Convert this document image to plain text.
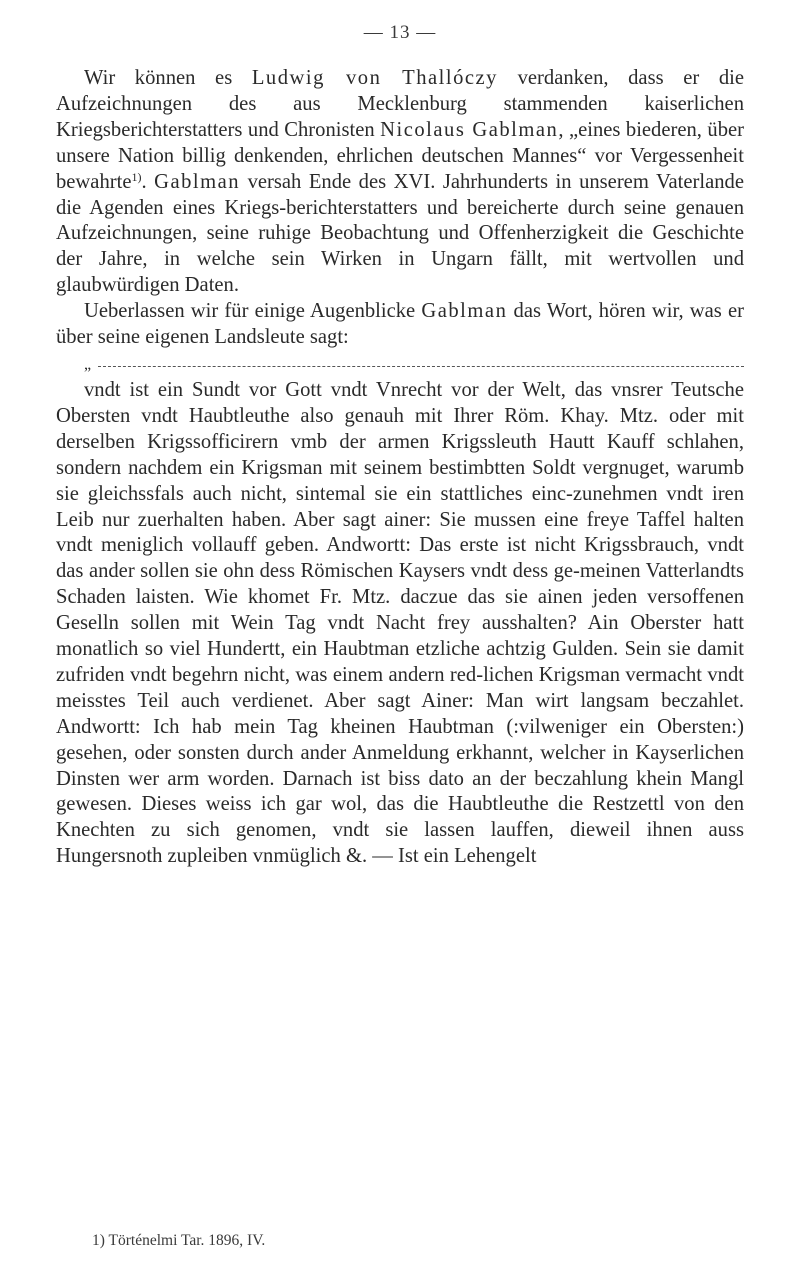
— 13 —

Wir können es Ludwig von Thallóczy verdanken, dass er die Aufzeichnungen des aus Mecklenburg stammenden kaiserlichen Kriegsberichterstatters und Chronisten Nicolaus Gablman, „eines biederen, über unsere Nation billig denkenden, ehrlichen deutschen Mannes“ vor Vergessenheit bewahrte$^{1)}$. Gablman versah Ende des XVI. Jahrhunderts in unserem Vaterlande die Agenden eines Kriegs-berichterstatters und bereicherte durch seine genauen Aufzeichnungen, seine ruhige Beobachtung und Offenherzigkeit die Geschichte der Jahre, in welche sein Wirken in Ungarn fällt, mit wertvollen und glaubwürdigen Daten.

Ueberlassen wir für einige Augenblicke Gablman das Wort, hören wir, was er über seine eigenen Landsleute sagt:

„

vndt ist ein Sundt vor Gott vndt Vnrecht vor der Welt, das vnsrer Teutsche Obersten vndt Haubtleuthe also genauh mit Ihrer Röm. Khay. Mtz. oder mit derselben Krigssofficirern vmb der armen Krigssleuth Hautt Kauff schlahen, sondern nachdem ein Krigsman mit seinem bestimbtten Soldt vergnuget, warumb sie gleichssfals auch nicht, sintemal sie ein stattliches einc-zunehmen vndt iren Leib nur zuerhalten haben. Aber sagt ainer: Sie mussen eine freye Taffel halten vndt meniglich vollauff geben. Andwortt: Das erste ist nicht Krigssbrauch, vndt das ander sollen sie ohn dess Römischen Kaysers vndt dess ge-meinen Vatterlandts Schaden laisten. Wie khomet Fr. Mtz. daczue das sie ainen jeden versoffenen Geselln sollen mit Wein Tag vndt Nacht frey ausshalten? Ain Oberster hatt monatlich so viel Hundertt, ein Haubtman etzliche achtzig Gulden. Sein sie damit zufriden vndt begehrn nicht, was einem andern red-lichen Krigsman vermacht vndt meisstes Teil auch verdienet. Aber sagt Ainer: Man wirt langsam beczahlet. Andwortt: Ich hab mein Tag kheinen Haubtman (:vilweniger ein Obersten:) gesehen, oder sonsten durch ander Anmeldung erkhannt, welcher in Kayserlichen Dinsten wer arm worden. Darnach ist biss dato an der beczahlung khein Mangl gewesen. Dieses weiss ich gar wol, das die Haubtleuthe die Restzettl von den Knechten zu sich genomen, vndt sie lassen lauffen, dieweil ihnen auss Hungersnoth zupleiben vnmüglich &. — Ist ein Lehengelt

1) Történelmi Tar. 1896, IV.
